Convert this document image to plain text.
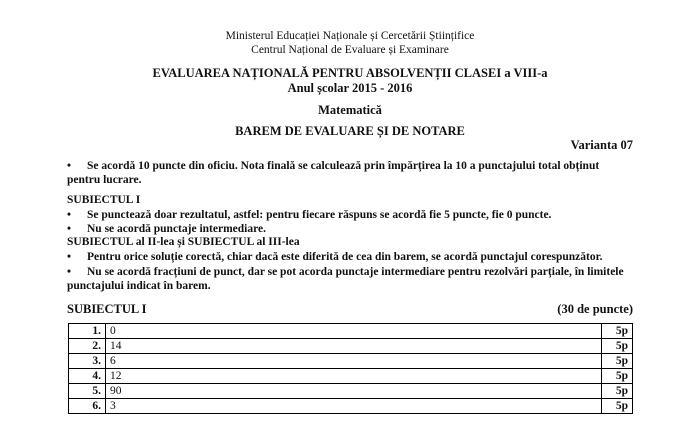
Ministerul Educației Naționale și Cercetării Științifice
Centrul Național de Evaluare și Examinare
EVALUAREA NAȚIONALĂ PENTRU ABSOLVENȚII CLASEI a VIII-a
Anul școlar 2015 - 2016
Matematică
BAREM DE EVALUARE ȘI DE NOTARE
Varianta 07
• Se acordă 10 puncte din oficiu. Nota finală se calculează prin împărțirea la 10 a punctajului total obținut pentru lucrare.
SUBIECTUL I
• Se punctează doar rezultatul, astfel: pentru fiecare răspuns se acordă fie 5 puncte, fie 0 puncte.
• Nu se acordă punctaje intermediare.
SUBIECTUL al II-lea și SUBIECTUL al III-lea
• Pentru orice soluție corectă, chiar dacă este diferită de cea din barem, se acordă punctajul corespunzător.
• Nu se acordă fracțiuni de punct, dar se pot acorda punctaje intermediare pentru rezolvări parțiale, în limitele punctajului indicat în barem.
SUBIECTUL I	(30 de puncte)
1.	0	5p
2.	14	5p
3.	6	5p
4.	12	5p
5.	90	5p
6.	3	5p
